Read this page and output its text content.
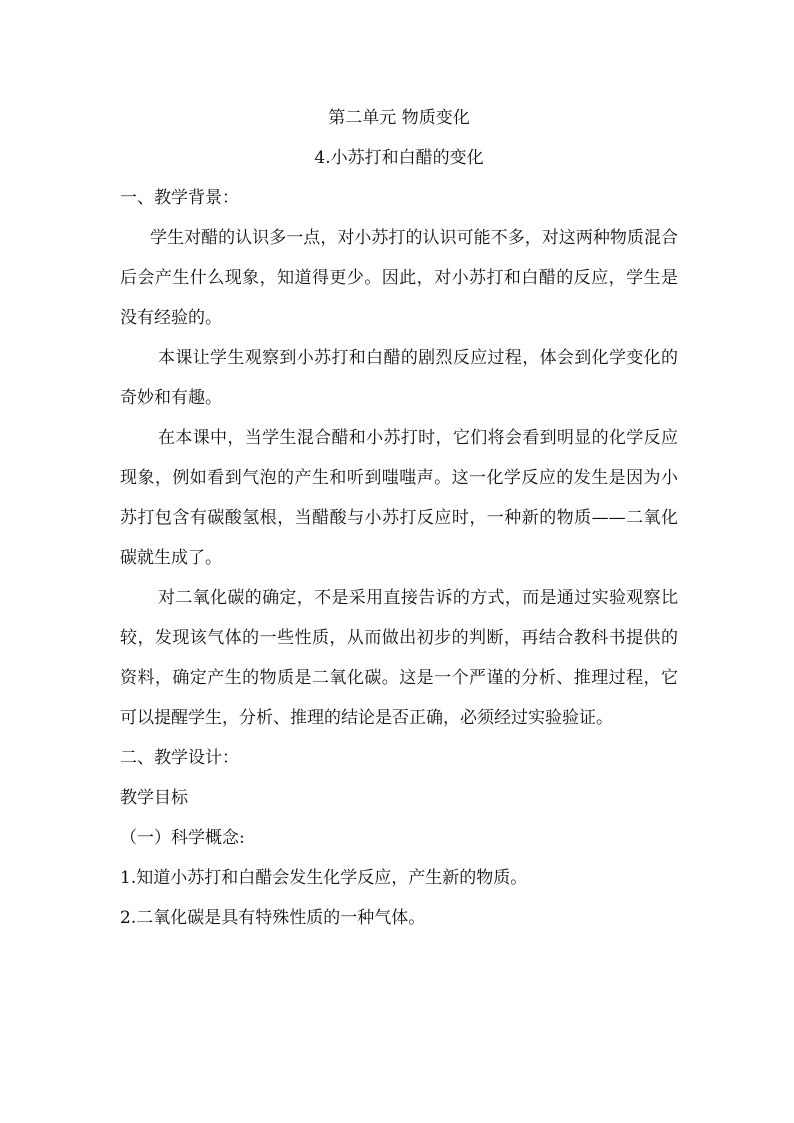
第二单元 物质变化
4.小苏打和白醋的变化

一、教学背景：

学生对醋的认识多一点，对小苏打的认识可能不多，对这两种物质混合后会产生什么现象，知道得更少。因此，对小苏打和白醋的反应，学生是没有经验的。

本课让学生观察到小苏打和白醋的剧烈反应过程，体会到化学变化的奇妙和有趣。

在本课中，当学生混合醋和小苏打时，它们将会看到明显的化学反应现象，例如看到气泡的产生和听到嗤嗤声。这一化学反应的发生是因为小苏打包含有碳酸氢根，当醋酸与小苏打反应时，一种新的物质——二氧化碳就生成了。

对二氧化碳的确定，不是采用直接告诉的方式，而是通过实验观察比较，发现该气体的一些性质，从而做出初步的判断，再结合教科书提供的资料，确定产生的物质是二氧化碳。这是一个严谨的分析、推理过程，它可以提醒学生，分析、推理的结论是否正确，必须经过实验验证。

二、教学设计：

教学目标

（一）科学概念:

1.知道小苏打和白醋会发生化学反应，产生新的物质。

2.二氧化碳是具有特殊性质的一种气体。
